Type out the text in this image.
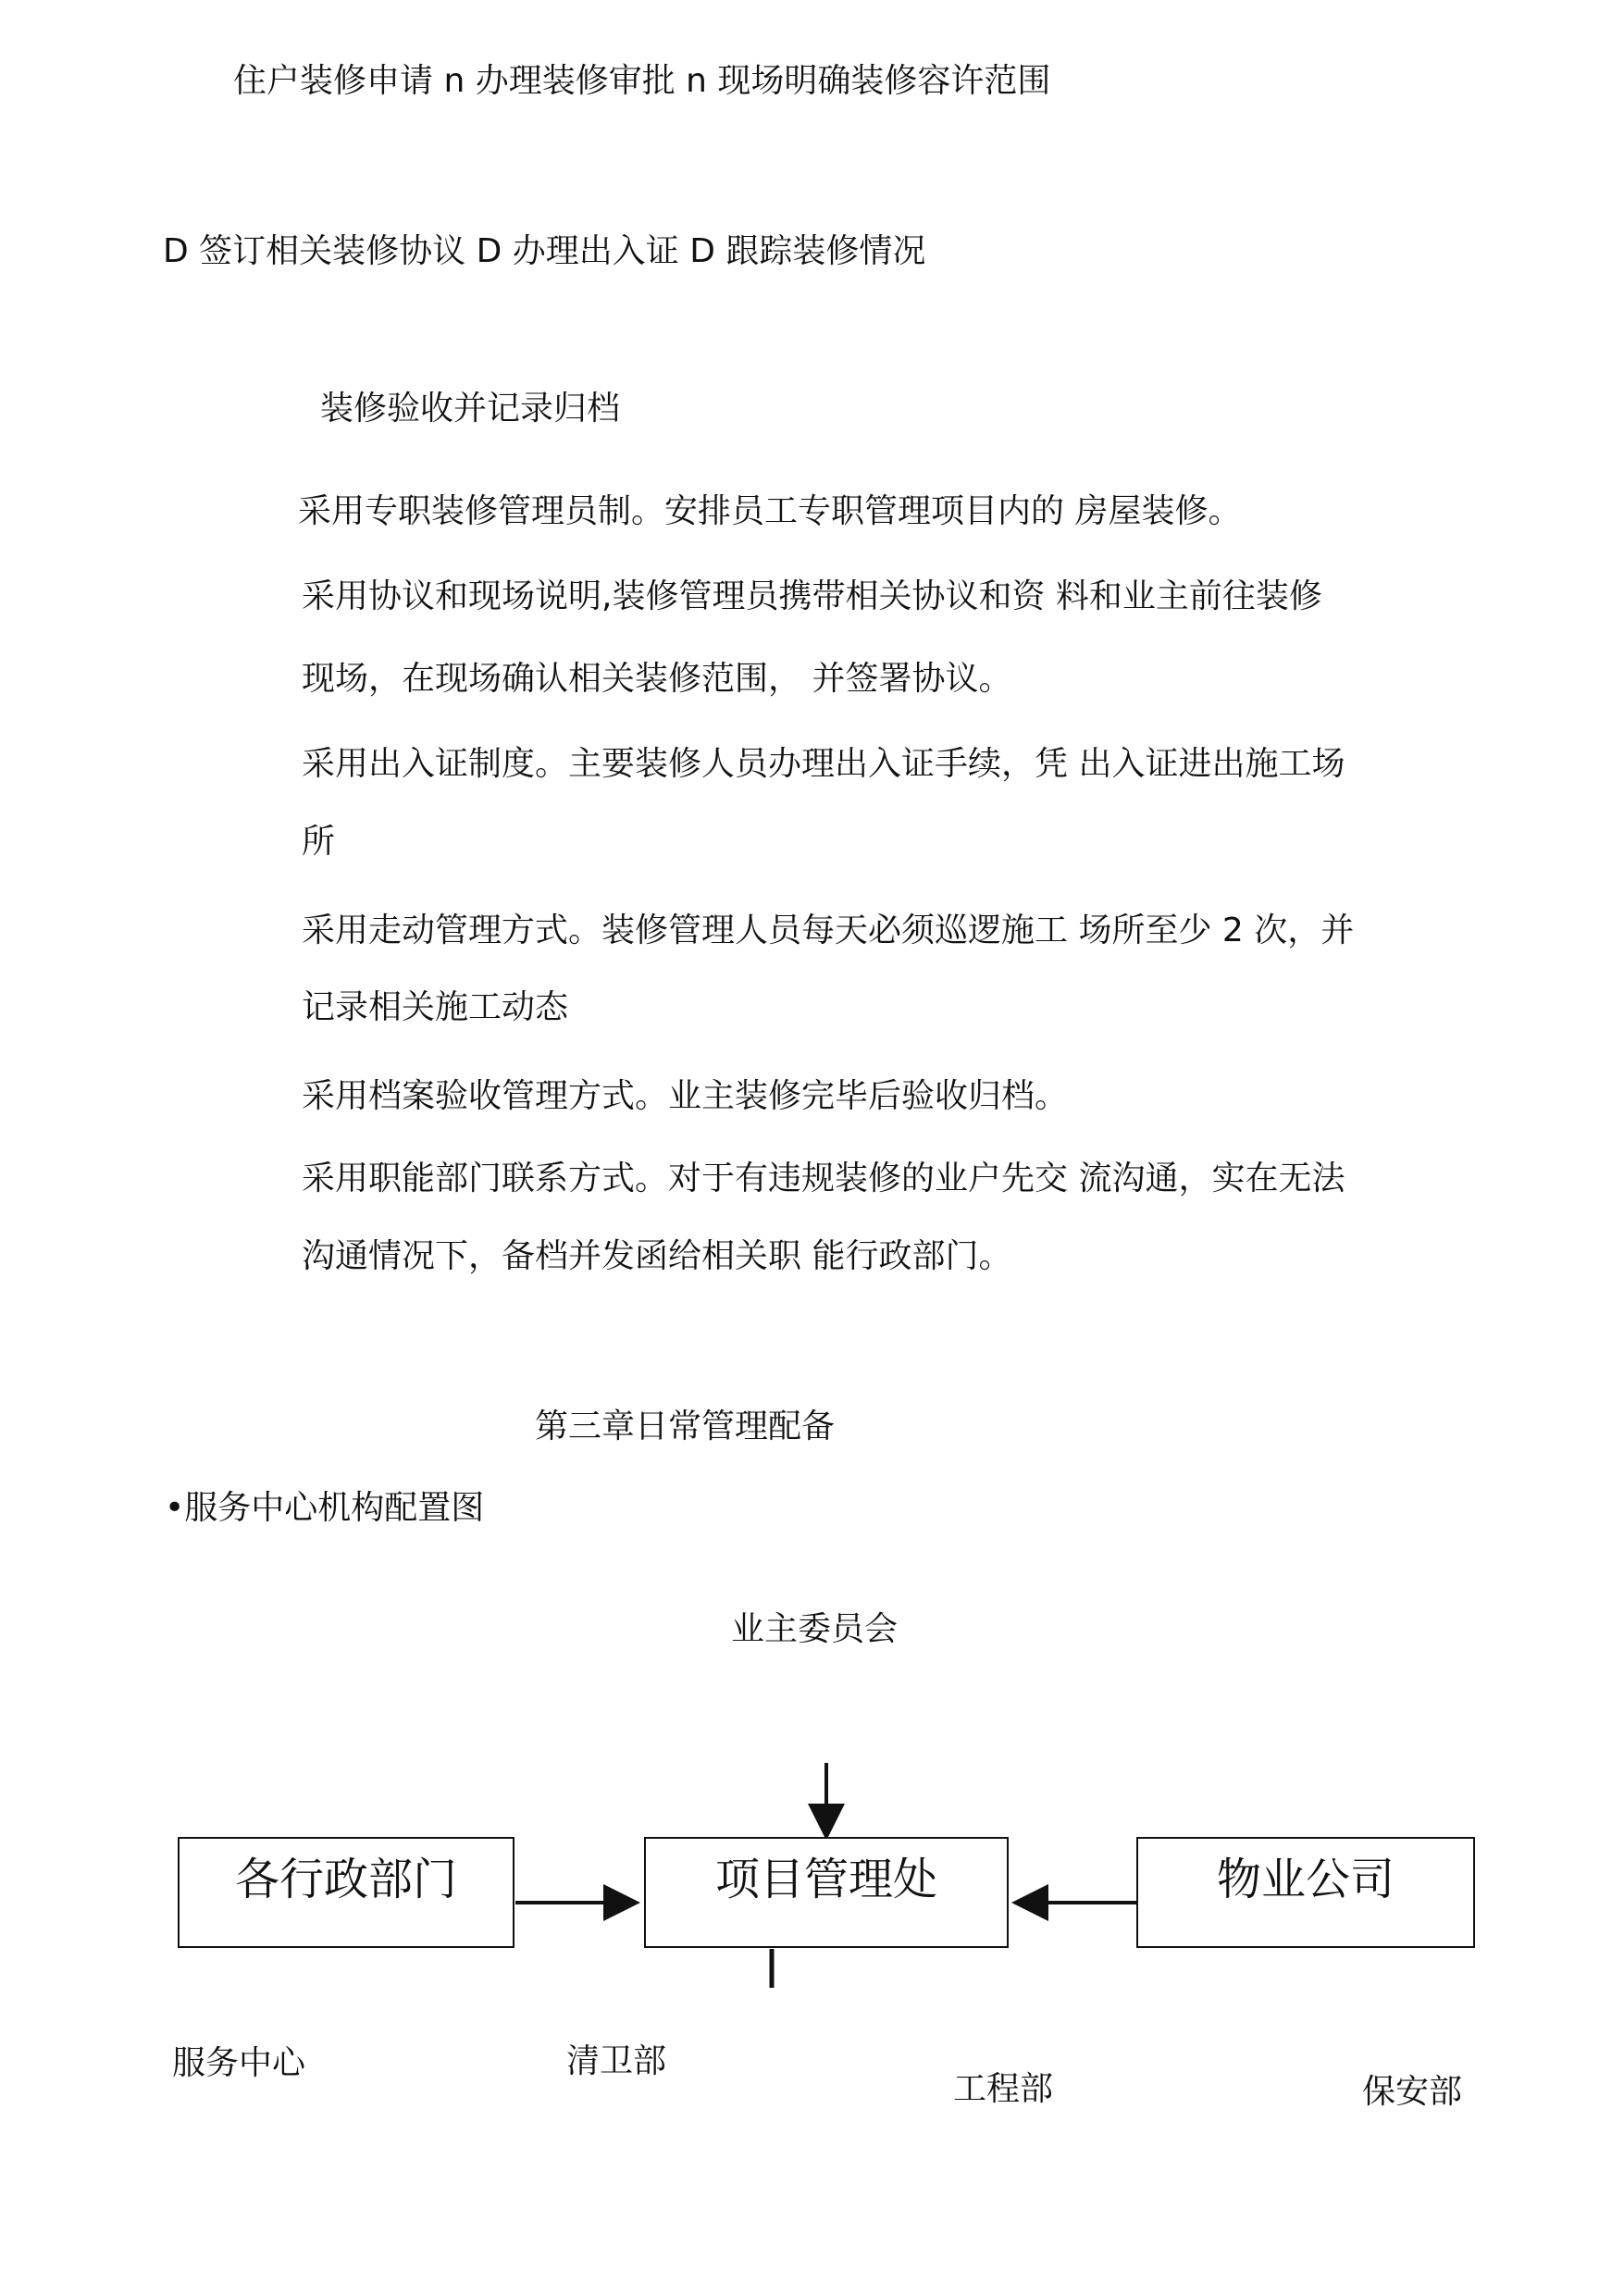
住户装修申请 n 办理装修审批 n 现场明确装修容许范围
D 签订相关装修协议 D 办理出入证 D 跟踪装修情况
装修验收并记录归档
采用专职装修管理员制。安排员工专职管理项目内的 房屋装修。
采用协议和现场说明,装修管理员携带相关协议和资 料和业主前往装修
现场，在现场确认相关装修范围， 并签署协议。
采用出入证制度。主要装修人员办理出入证手续，凭 出入证进出施工场
所
采用走动管理方式。装修管理人员每天必须巡逻施工 场所至少 2 次，并
记录相关施工动态
采用档案验收管理方式。业主装修完毕后验收归档。
采用职能部门联系方式。对于有违规装修的业户先交 流沟通，实在无法
沟通情况下，备档并发函给相关职 能行政部门。
第三章日常管理配备
•服务中心机构配置图
业主委员会
各行政部门	项目管理处	物业公司
服务中心	清卫部
工程部	保安部
